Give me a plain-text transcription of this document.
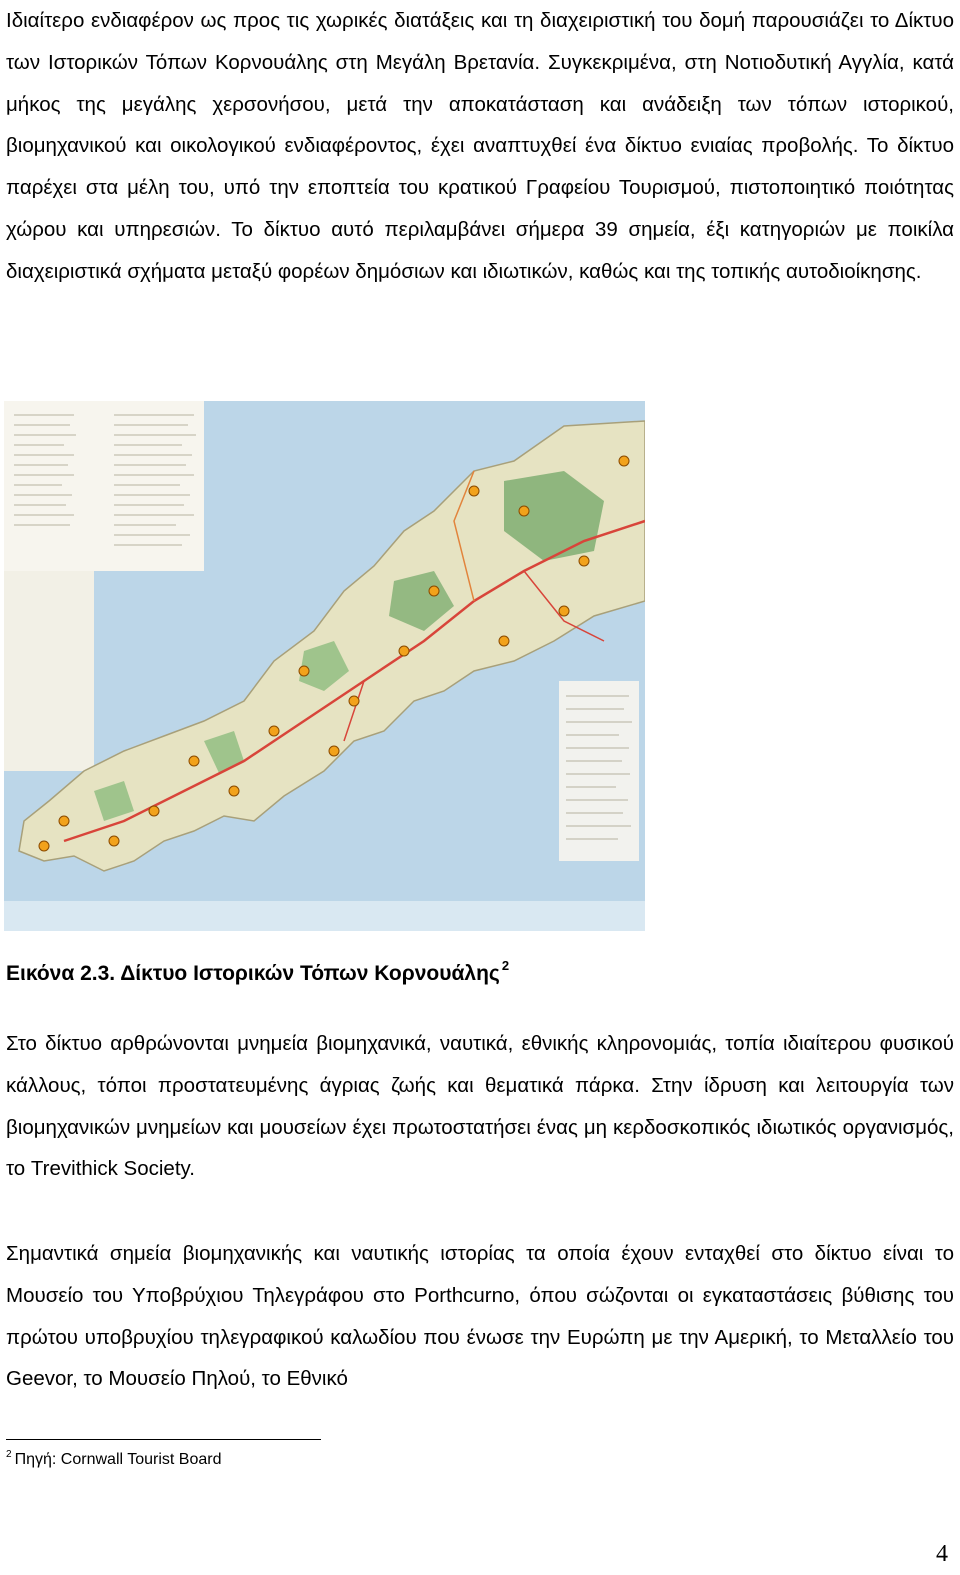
Ιδιαίτερο ενδιαφέρον ως προς τις χωρικές διατάξεις και τη διαχειριστική του δομή παρουσιάζει το Δίκτυο των Ιστορικών Τόπων Κορνουάλης στη Μεγάλη Βρετανία. Συγκεκριμένα, στη Νοτιοδυτική Αγγλία, κατά μήκος της μεγάλης χερσονήσου, μετά την αποκατάσταση και ανάδειξη των τόπων ιστορικού, βιομηχανικού και οικολογικού ενδιαφέροντος, έχει αναπτυχθεί ένα δίκτυο ενιαίας προβολής. Το δίκτυο παρέχει στα μέλη του, υπό την εποπτεία του κρατικού Γραφείου Τουρισμού, πιστοποιητικό ποιότητας χώρου και υπηρεσιών. Το δίκτυο αυτό περιλαμβάνει σήμερα 39 σημεία, έξι κατηγοριών με ποικίλα διαχειριστικά σχήματα μεταξύ φορέων δημόσιων και ιδιωτικών, καθώς και της τοπικής αυτοδιοίκησης.

Εικόνα 2.3. Δίκτυο Ιστορικών Τόπων Κορνουάλης $^2$

Στο δίκτυο αρθρώνονται μνημεία βιομηχανικά, ναυτικά, εθνικής κληρονομιάς, τοπία ιδιαίτερου φυσικού κάλλους, τόποι προστατευμένης άγριας ζωής και θεματικά πάρκα. Στην ίδρυση και λειτουργία των βιομηχανικών μνημείων και μουσείων έχει πρωτοστατήσει ένας μη κερδοσκοπικός ιδιωτικός οργανισμός, το Trevithick Society.

Σημαντικά σημεία βιομηχανικής και ναυτικής ιστορίας τα οποία έχουν ενταχθεί στο δίκτυο είναι το Μουσείο του Υποβρύχιου Τηλεγράφου στο Porthcurno, όπου σώζονται οι εγκαταστάσεις βύθισης του πρώτου υποβρυχίου τηλεγραφικού καλωδίου που ένωσε την Ευρώπη με την Αμερική, το Μεταλλείο του Geevor, το Μουσείο Πηλού, το Εθνικό

$^2$ Πηγή: Cornwall Tourist Board

4
